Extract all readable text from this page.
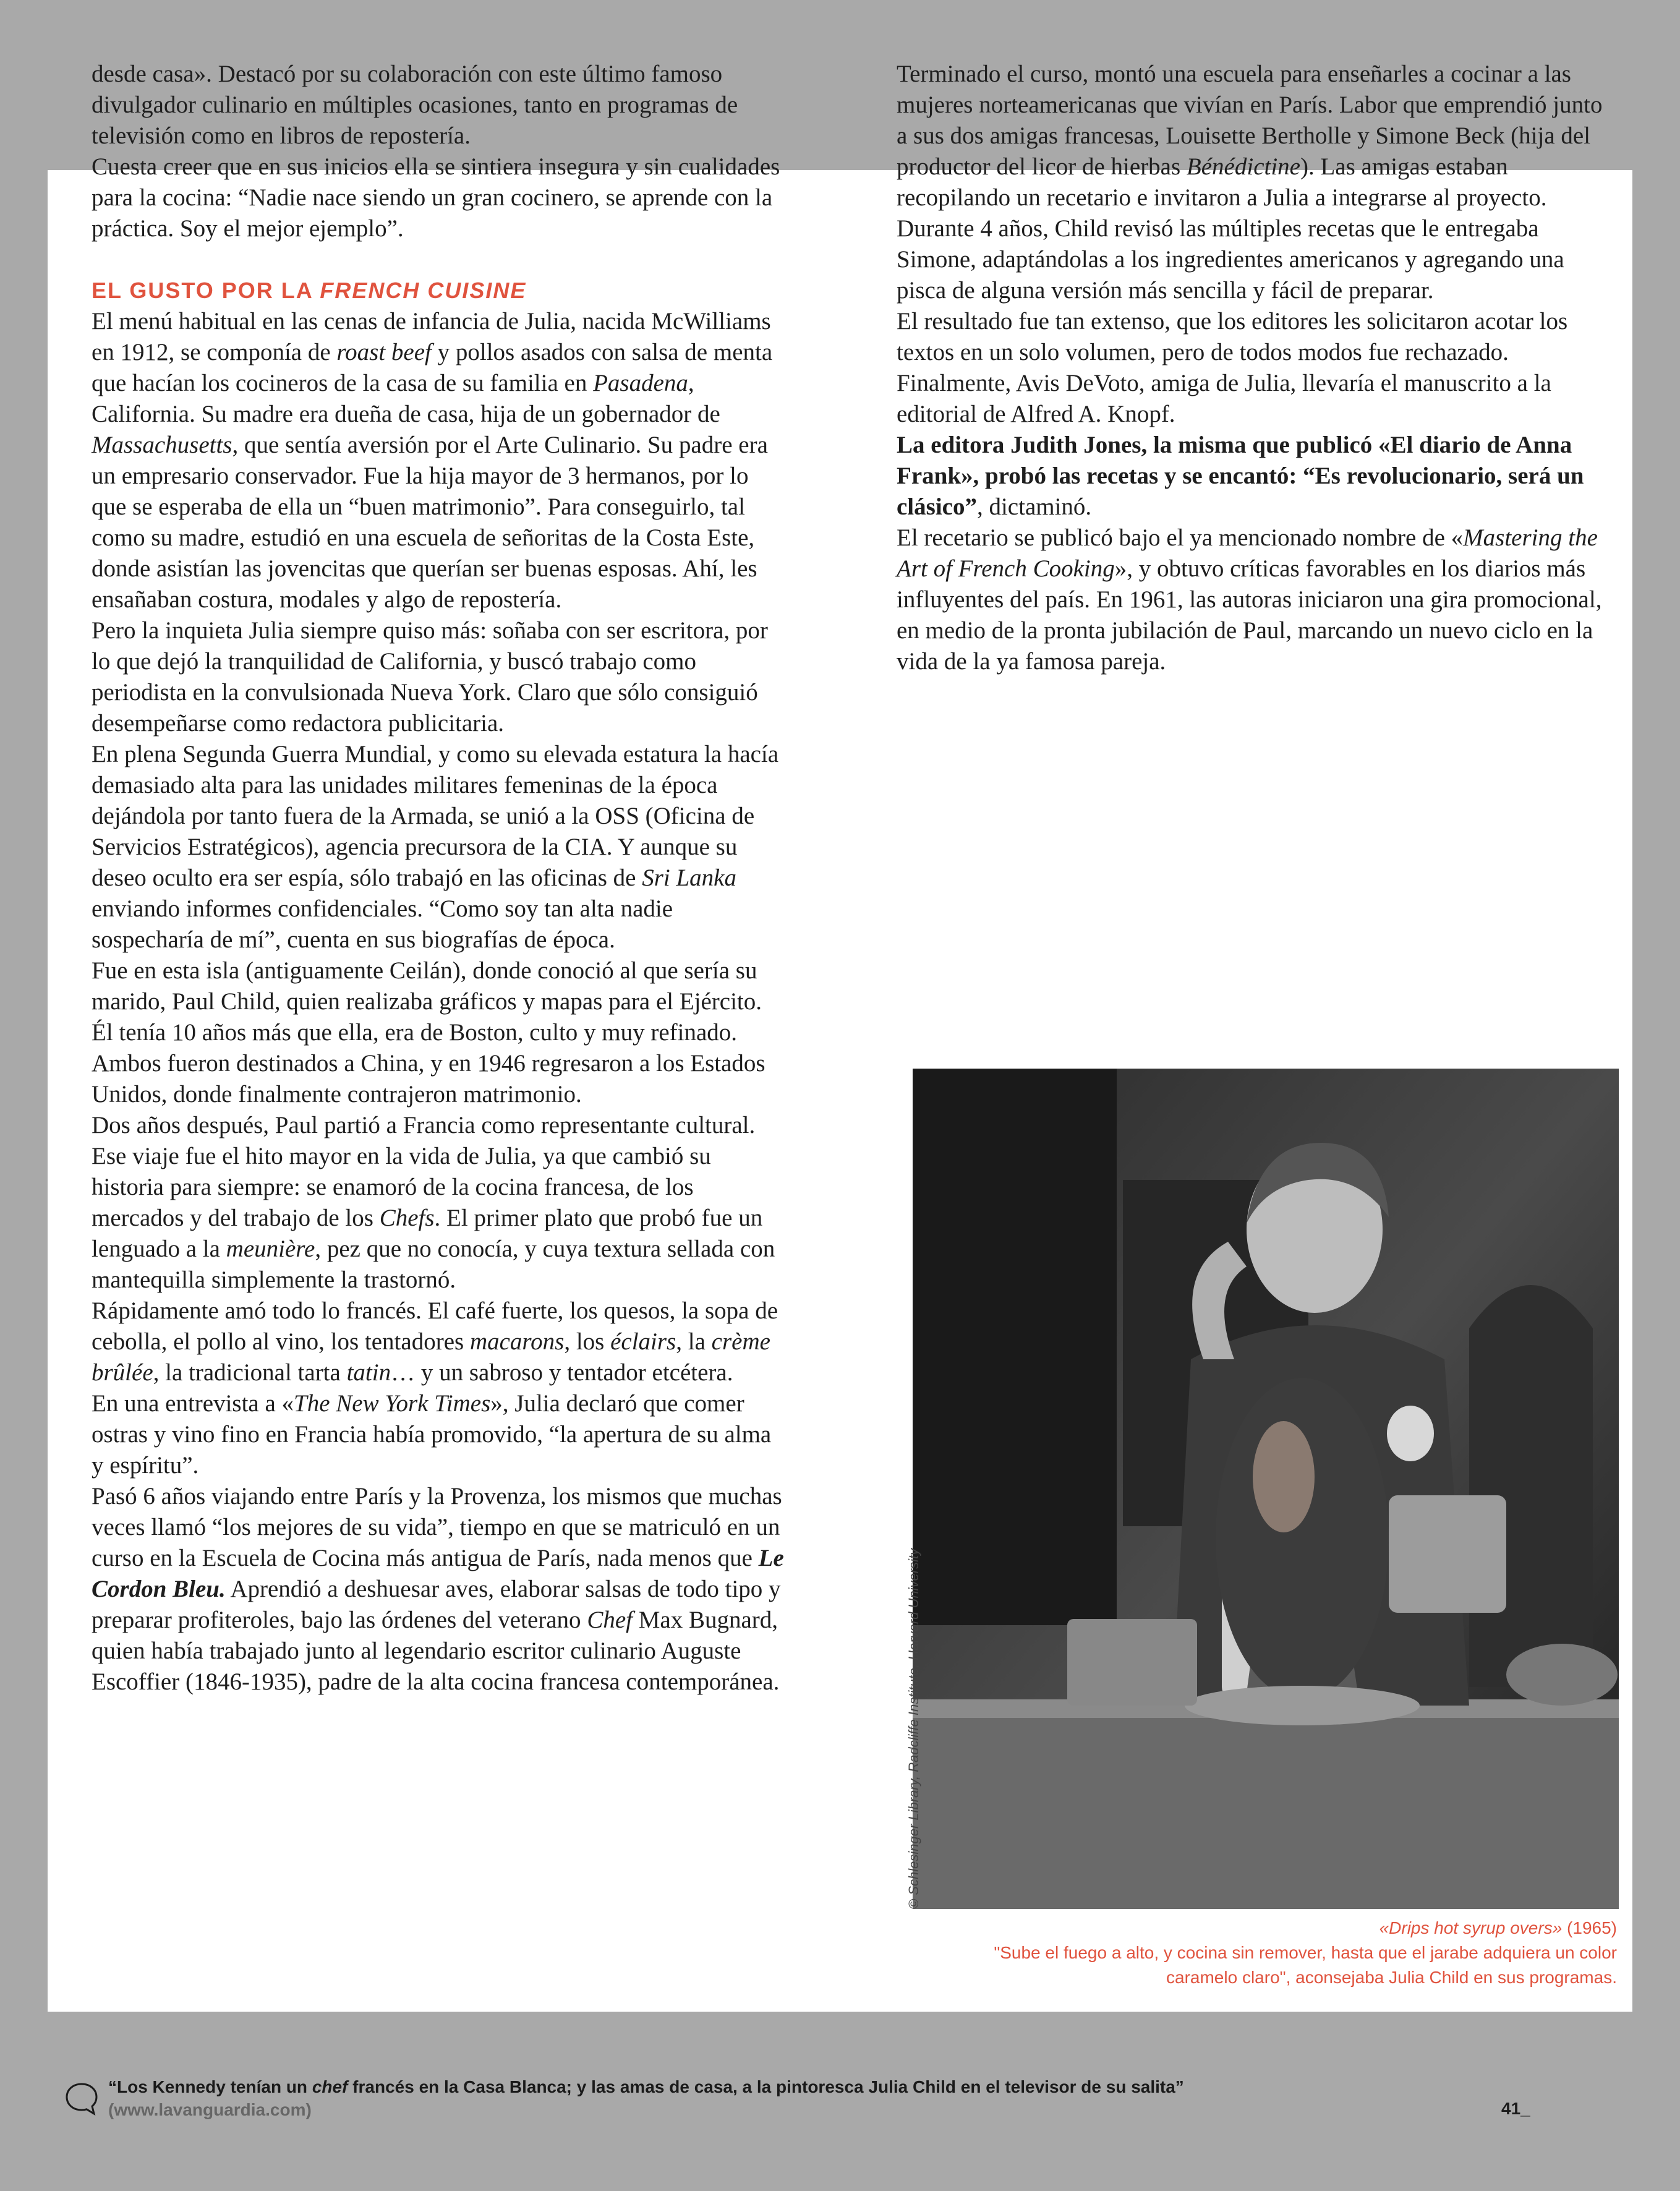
desde casa». Destacó por su colaboración con este último famoso divulgador culinario en múltiples ocasiones, tanto en programas de televisión como en libros de repostería.

Cuesta creer que en sus inicios ella se sintiera insegura y sin cualidades para la cocina: “Nadie nace siendo un gran cocinero, se aprende con la práctica. Soy el mejor ejemplo”.

EL GUSTO POR LA FRENCH CUISINE

El menú habitual en las cenas de infancia de Julia, nacida McWilliams en 1912, se componía de roast beef y pollos asados con salsa de menta que hacían los cocineros de la casa de su familia en Pasadena, California. Su madre era dueña de casa, hija de un gobernador de Massachusetts, que sentía aversión por el Arte Culinario. Su padre era un empresario conservador. Fue la hija mayor de 3 hermanos, por lo que se esperaba de ella un “buen matrimonio”. Para conseguirlo, tal como su madre, estudió en una escuela de señoritas de la Costa Este, donde asistían las jovencitas que querían ser buenas esposas. Ahí, les ensañaban costura, modales y algo de repostería.

Pero la inquieta Julia siempre quiso más: soñaba con ser escritora, por lo que dejó la tranquilidad de California, y buscó trabajo como periodista en la convulsionada Nueva York. Claro que sólo consiguió desempeñarse como redactora publicitaria.

En plena Segunda Guerra Mundial, y como su elevada estatura la hacía demasiado alta para las unidades militares femeninas de la época dejándola por tanto fuera de la Armada, se unió a la OSS (Oficina de Servicios Estratégicos), agencia precursora de la CIA. Y aunque su deseo oculto era ser espía, sólo trabajó en las oficinas de Sri Lanka enviando informes confidenciales. “Como soy tan alta nadie sospecharía de mí”, cuenta en sus biografías de época.

Fue en esta isla (antiguamente Ceilán), donde conoció al que sería su marido, Paul Child, quien realizaba gráficos y mapas para el Ejército. Él tenía 10 años más que ella, era de Boston, culto y muy refinado. Ambos fueron destinados a China, y en 1946 regresaron a los Estados Unidos, donde finalmente contrajeron matrimonio.

Dos años después, Paul partió a Francia como representante cultural. Ese viaje fue el hito mayor en la vida de Julia, ya que cambió su historia para siempre: se enamoró de la cocina francesa, de los mercados y del trabajo de los Chefs. El primer plato que probó fue un lenguado a la meunière, pez que no conocía, y cuya textura sellada con mantequilla simplemente la trastornó.

Rápidamente amó todo lo francés. El café fuerte, los quesos, la sopa de cebolla, el pollo al vino, los tentadores macarons, los éclairs, la crème brûlée, la tradicional tarta tatin… y un sabroso y tentador etcétera.

En una entrevista a «The New York Times», Julia declaró que comer ostras y vino fino en Francia había promovido, “la apertura de su alma y espíritu”.

Pasó 6 años viajando entre París y la Provenza, los mismos que muchas veces llamó “los mejores de su vida”, tiempo en que se matriculó en un curso en la Escuela de Cocina más antigua de París, nada menos que Le Cordon Bleu. Aprendió a deshuesar aves, elaborar salsas de todo tipo y preparar profiteroles, bajo las órdenes del veterano Chef Max Bugnard, quien había trabajado junto al legendario escritor culinario Auguste Escoffier (1846-1935), padre de la alta cocina francesa contemporánea.

Terminado el curso, montó una escuela para enseñarles a cocinar a las mujeres norteamericanas que vivían en París. Labor que emprendió junto a sus dos amigas francesas, Louisette Bertholle y Simone Beck (hija del productor del licor de hierbas Bénédictine). Las amigas estaban recopilando un recetario e invitaron a Julia a integrarse al proyecto. Durante 4 años, Child revisó las múltiples recetas que le entregaba Simone, adaptándolas a los ingredientes americanos y agregando una pisca de alguna versión más sencilla y fácil de preparar.

El resultado fue tan extenso, que los editores les solicitaron acotar los textos en un solo volumen, pero de todos modos fue rechazado. Finalmente, Avis DeVoto, amiga de Julia, llevaría el manuscrito a la editorial de Alfred A. Knopf.

La editora Judith Jones, la misma que publicó «El diario de Anna Frank», probó las recetas y se encantó: “Es revolucionario, será un clásico”, dictaminó.

El recetario se publicó bajo el ya mencionado nombre de «Mastering the Art of French Cooking», y obtuvo críticas favorables en los diarios más influyentes del país. En 1961, las autoras iniciaron una gira promocional, en medio de la pronta jubilación de Paul, marcando un nuevo ciclo en la vida de la ya famosa pareja.

© Schlesinger Library, Radcliffe Institute, Harvard University
«Drips hot syrup overs» (1965)
"Sube el fuego a alto, y cocina sin remover, hasta que el jarabe adquiera un color caramelo claro", aconsejaba Julia Child en sus programas.
“Los Kennedy tenían un chef francés en la Casa Blanca; y las amas de casa, a la pintoresca Julia Child en el televisor de su salita”
(www.lavanguardia.com)	41_
